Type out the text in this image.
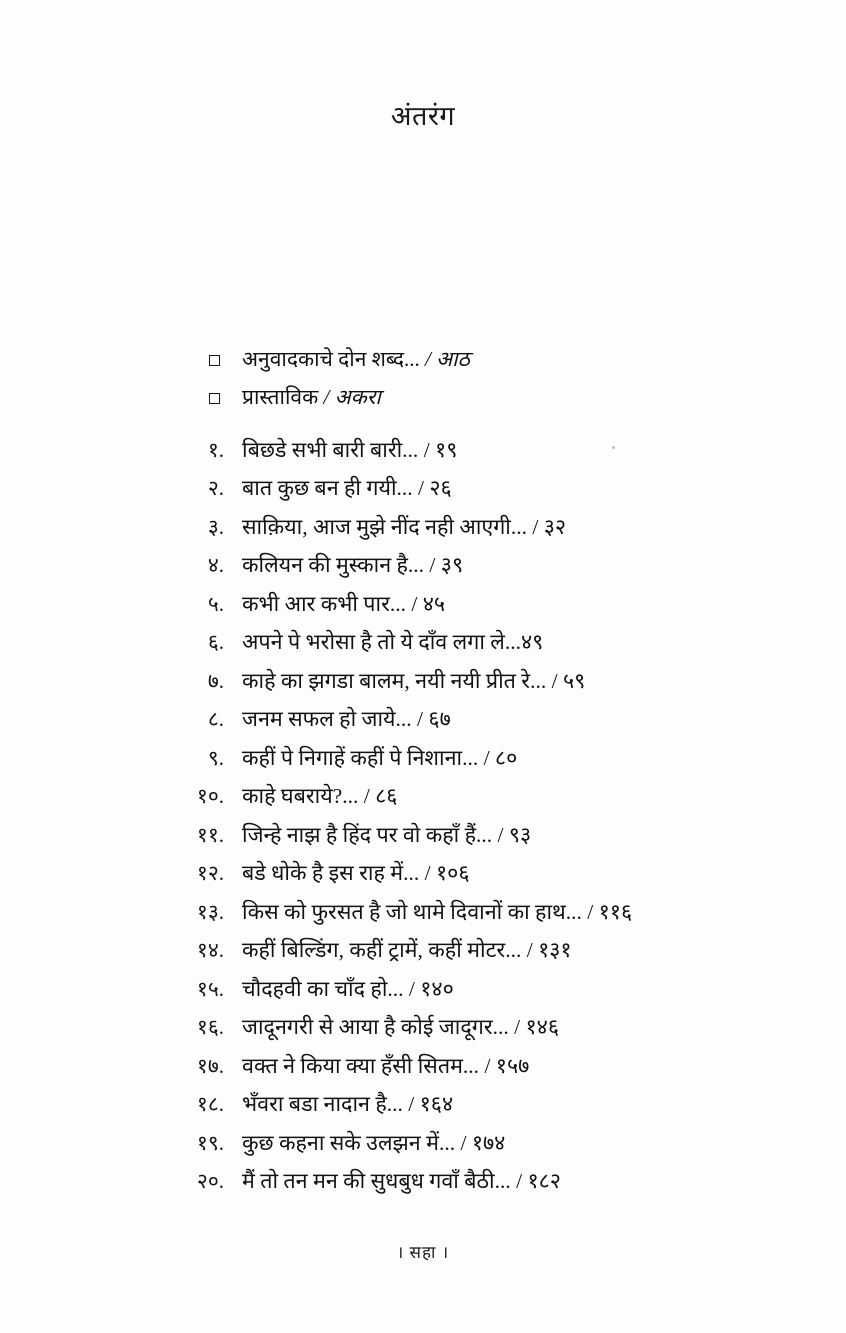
अंतरंग
अनुवादकाचे दोन शब्द... / आठ
प्रास्ताविक / अकरा
१. बिछडे सभी बारी बारी... / १९
२. बात कुछ बन ही गयी... / २६
३. साक़िया, आज मुझे नींद नही आएगी... / ३२
४. कलियन की मुस्कान है... / ३९
५. कभी आर कभी पार... / ४५
६. अपने पे भरोसा है तो ये दाँव लगा ले...४९
७. काहे का झगडा बालम, नयी नयी प्रीत रे... / ५९
८. जनम सफल हो जाये... / ६७
९. कहीं पे निगाहें कहीं पे निशाना... / ८०
१०. काहे घबराये?... / ८६
११. जिन्हे नाझ है हिंद पर वो कहाँ हैं... / ९३
१२. बडे धोके है इस राह में... / १०६
१३. किस को फुरसत है जो थामे दिवानों का हाथ... / ११६
१४. कहीं बिल्डिंग, कहीं ट्रामें, कहीं मोटर... / १३१
१५. चौदहवी का चाँद हो... / १४०
१६. जादूनगरी से आया है कोई जादूगर... / १४६
१७. वक्त ने किया क्या हँसी सितम... / १५७
१८. भँवरा बडा नादान है... / १६४
१९. कुछ कहना सके उलझन में... / १७४
२०. मैं तो तन मन की सुधबुध गवाँ बैठी... / १८२
। सहा ।
